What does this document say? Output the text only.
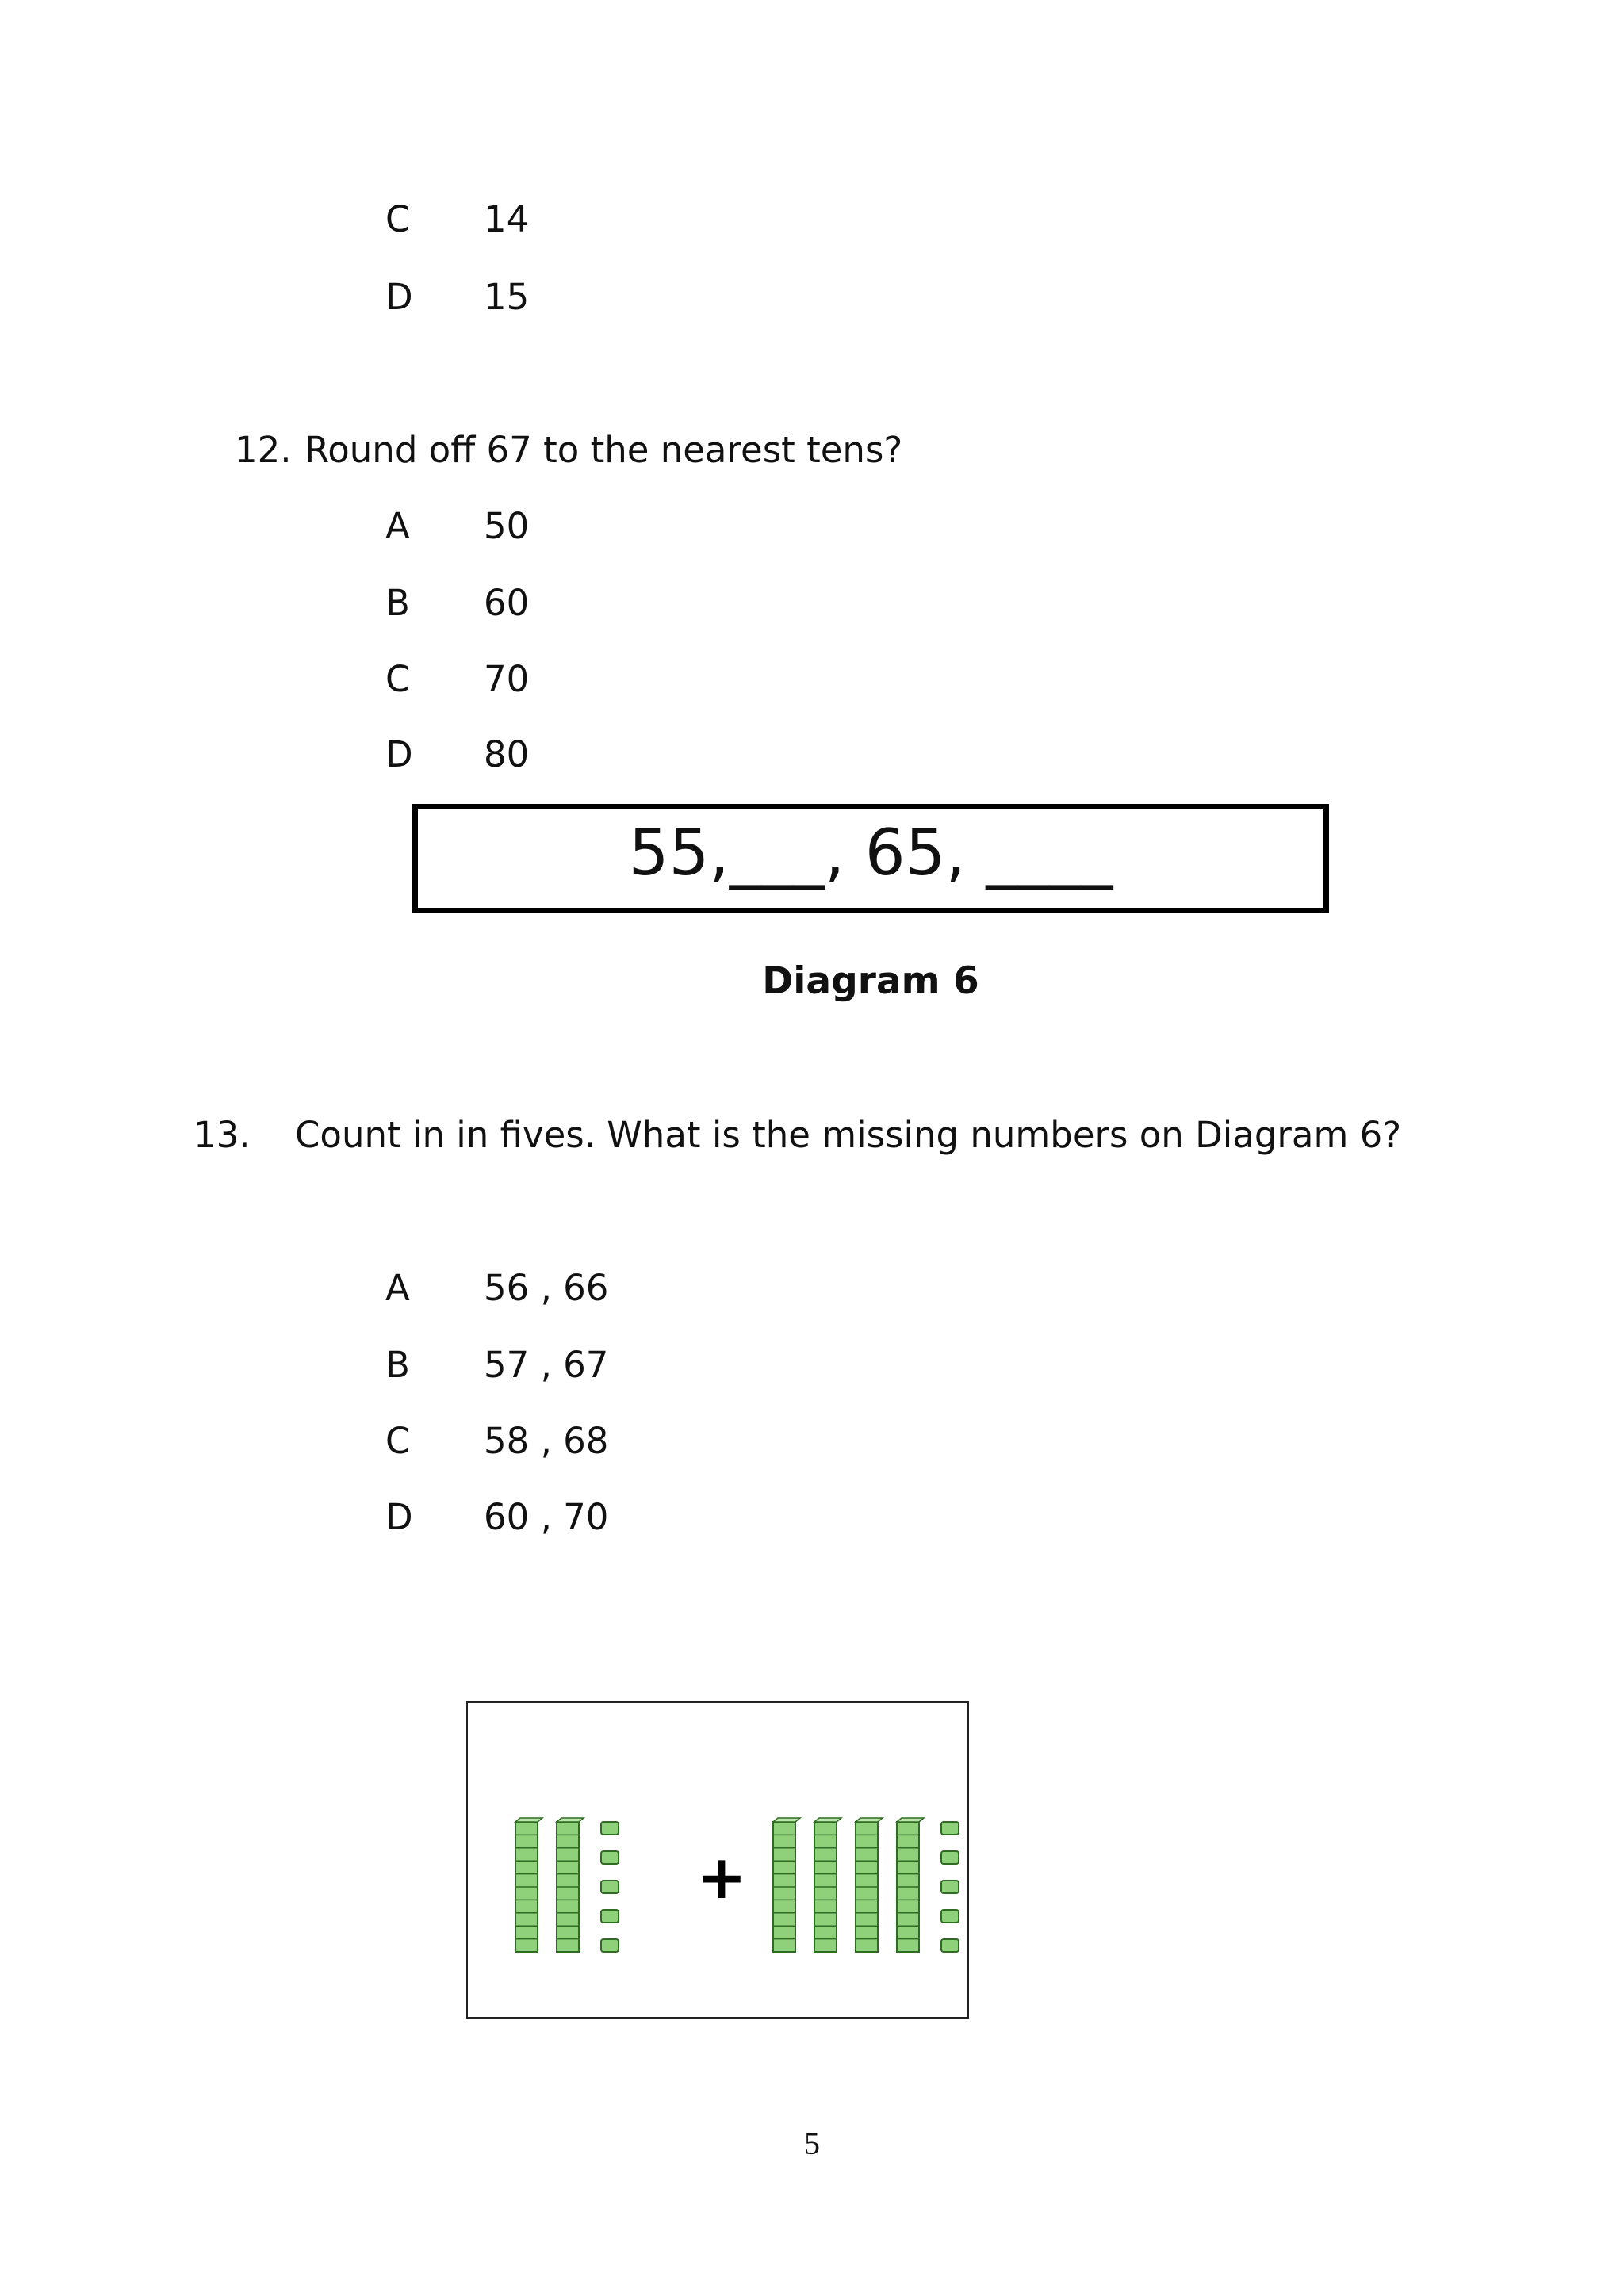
C 14

D 15

12. Round off 67 to the nearest tens?

A 50

B 60

C 70

D 80

55,___, 65, ____
Diagram 6

13. Count in in fives. What is the missing numbers on Diagram 6?

A 56 , 66

B 57 , 67

C 58 , 68

D 60 , 70

+
5
